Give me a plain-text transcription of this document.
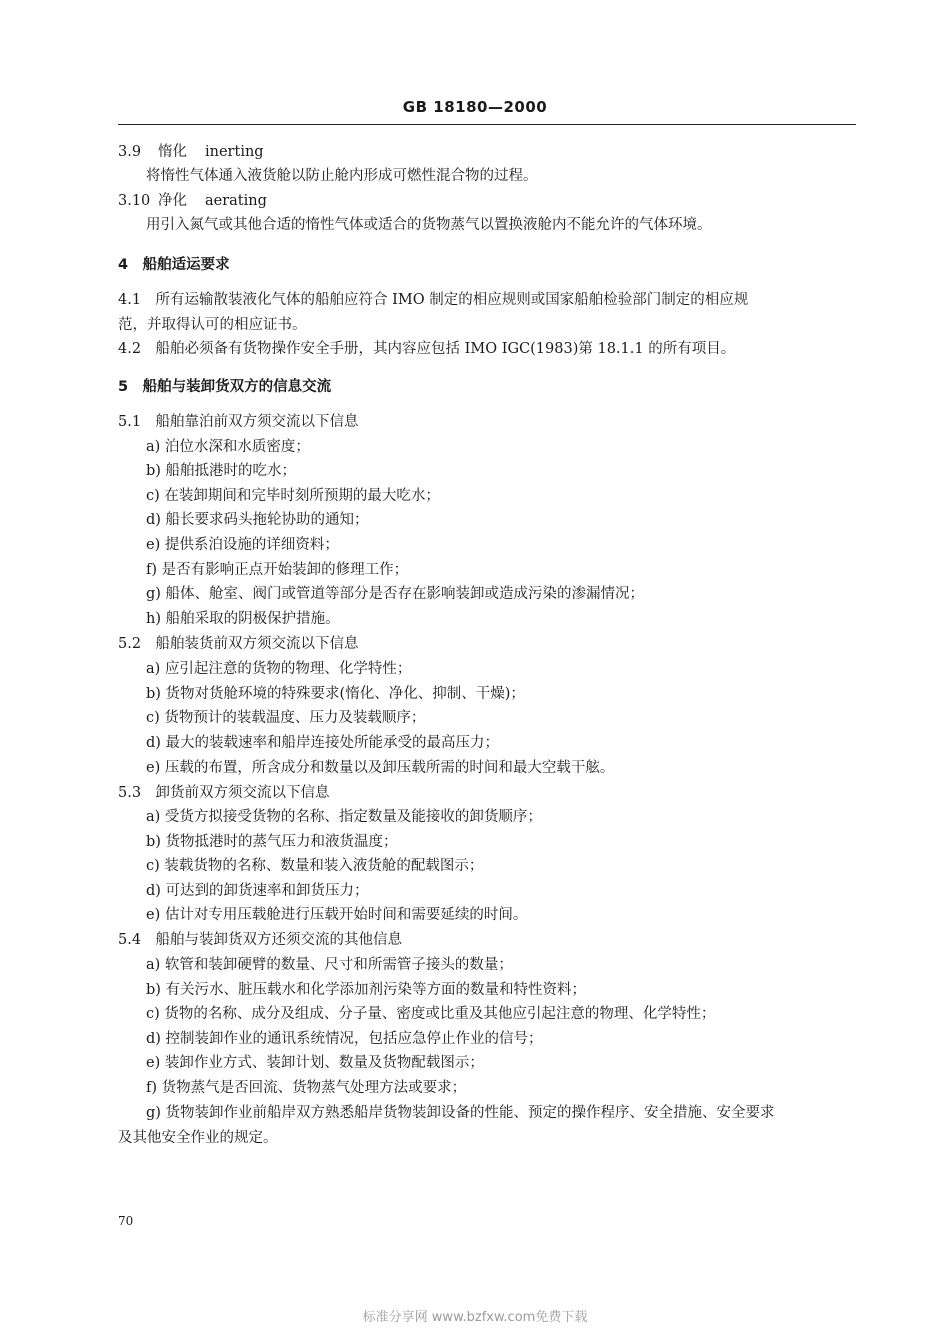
GB 18180—2000
3.9 惰化 inerting
将惰性气体通入液货舱以防止舱内形成可燃性混合物的过程。
3.10 净化 aerating
用引入氮气或其他合适的惰性气体或适合的货物蒸气以置换液舱内不能允许的气体环境。
4　船舶适运要求
4.1　所有运输散装液化气体的船舶应符合 IMO 制定的相应规则或国家船舶检验部门制定的相应规
范，并取得认可的相应证书。
4.2　船舶必须备有货物操作安全手册，其内容应包括 IMO IGC(1983)第 18.1.1 的所有项目。
5　船舶与装卸货双方的信息交流
5.1　船舶靠泊前双方须交流以下信息
a) 泊位水深和水质密度；
b) 船舶抵港时的吃水；
c) 在装卸期间和完毕时刻所预期的最大吃水；
d) 船长要求码头拖轮协助的通知；
e) 提供系泊设施的详细资料；
f) 是否有影响正点开始装卸的修理工作；
g) 船体、舱室、阀门或管道等部分是否存在影响装卸或造成污染的渗漏情况；
h) 船舶采取的阴极保护措施。
5.2　船舶装货前双方须交流以下信息
a) 应引起注意的货物的物理、化学特性；
b) 货物对货舱环境的特殊要求(惰化、净化、抑制、干燥)；
c) 货物预计的装载温度、压力及装载顺序；
d) 最大的装载速率和船岸连接处所能承受的最高压力；
e) 压载的布置，所含成分和数量以及卸压载所需的时间和最大空载干舷。
5.3　卸货前双方须交流以下信息
a) 受货方拟接受货物的名称、指定数量及能接收的卸货顺序；
b) 货物抵港时的蒸气压力和液货温度；
c) 装载货物的名称、数量和装入液货舱的配载图示；
d) 可达到的卸货速率和卸货压力；
e) 估计对专用压载舱进行压载开始时间和需要延续的时间。
5.4　船舶与装卸货双方还须交流的其他信息
a) 软管和装卸硬臂的数量、尺寸和所需管子接头的数量；
b) 有关污水、脏压载水和化学添加剂污染等方面的数量和特性资料；
c) 货物的名称、成分及组成、分子量、密度或比重及其他应引起注意的物理、化学特性；
d) 控制装卸作业的通讯系统情况，包括应急停止作业的信号；
e) 装卸作业方式、装卸计划、数量及货物配载图示；
f) 货物蒸气是否回流、货物蒸气处理方法或要求；
g) 货物装卸作业前船岸双方熟悉船岸货物装卸设备的性能、预定的操作程序、安全措施、安全要求
及其他安全作业的规定。
70
标准分享网 www.bzfxw.com免费下载
